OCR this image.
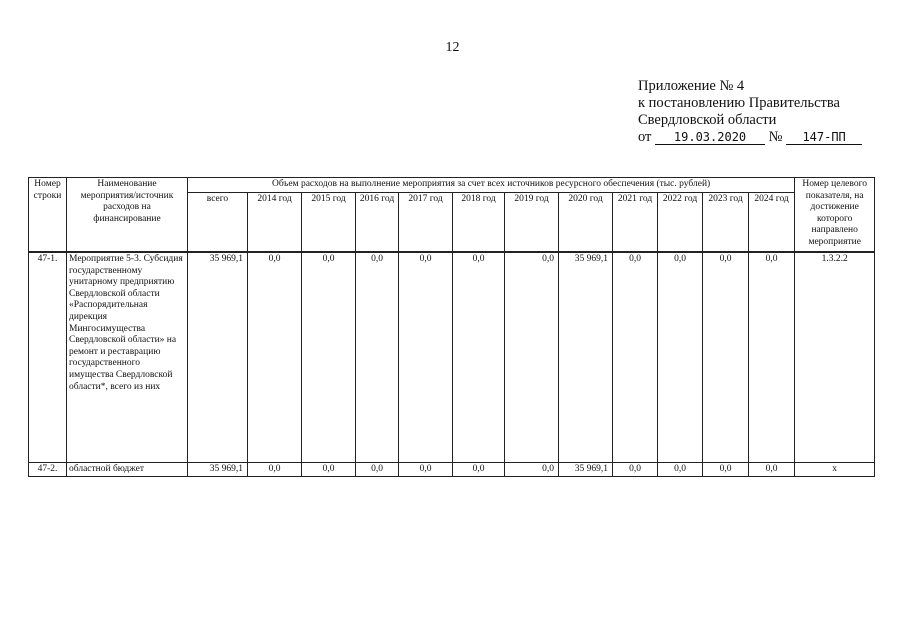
12
Приложение № 4
к постановлению Правительства
Свердловской области
от 19.03.2020 № 147-ПП
Номер строки	Наименование мероприятия/источник расходов на финансирование	Объем расходов на выполнение мероприятия за счет всех источников ресурсного обеспечения (тыс. рублей)												Номер целевого показателя, на достижение которого направлено мероприятие
		всего	2014 год	2015 год	2016 год	2017 год	2018 год	2019 год	2020 год	2021 год	2022 год	2023 год	2024 год	
47-1.	Мероприятие 5-3. Субсидия государственному унитарному предприятию Свердловской области «Распорядительная дирекция Мингосимущества Свердловской области» на ремонт и реставрацию государственного имущества Свердловской области*, всего из них	35 969,1	0,0	0,0	0,0	0,0	0,0	0,0	35 969,1	0,0	0,0	0,0	0,0	1.3.2.2
47-2.	областной бюджет	35 969,1	0,0	0,0	0,0	0,0	0,0	0,0	35 969,1	0,0	0,0	0,0	0,0	х
